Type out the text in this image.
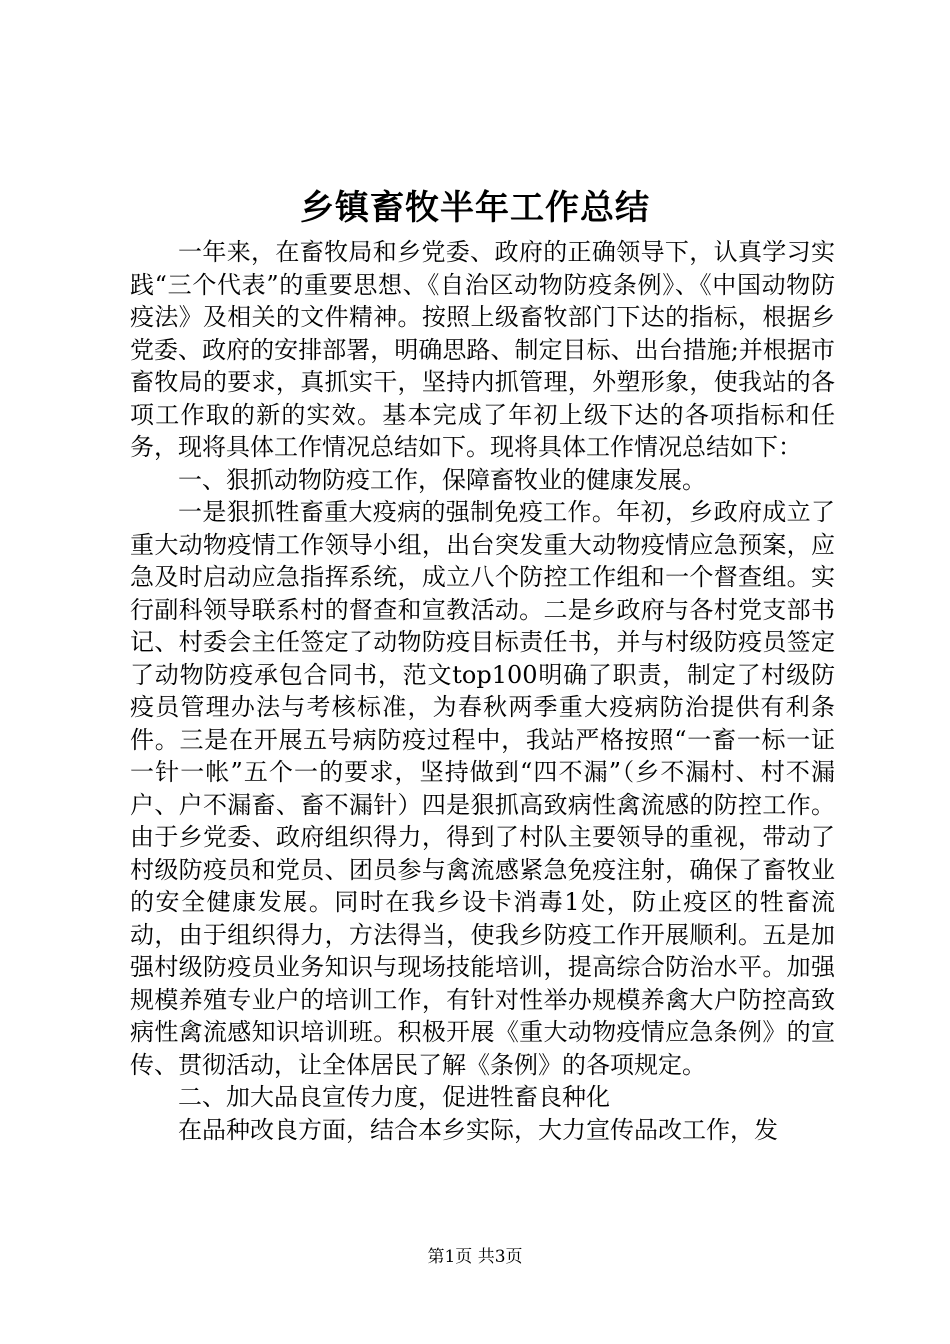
乡镇畜牧半年工作总结

一年来，在畜牧局和乡党委、政府的正确领导下，认真学习实践“三个代表”的重要思想、《自治区动物防疫条例》、《中国动物防疫法》及相关的文件精神。按照上级畜牧部门下达的指标，根据乡党委、政府的安排部署，明确思路、制定目标、出台措施;并根据市畜牧局的要求，真抓实干，坚持内抓管理，外塑形象，使我站的各项工作取的新的实效。基本完成了年初上级下达的各项指标和任务，现将具体工作情况总结如下。现将具体工作情况总结如下：

一、狠抓动物防疫工作，保障畜牧业的健康发展。

一是狠抓牲畜重大疫病的强制免疫工作。年初，乡政府成立了重大动物疫情工作领导小组，出台突发重大动物疫情应急预案，应急及时启动应急指挥系统，成立八个防控工作组和一个督查组。实行副科领导联系村的督查和宣教活动。二是乡政府与各村党支部书记、村委会主任签定了动物防疫目标责任书，并与村级防疫员签定了动物防疫承包合同书，范文top100明确了职责，制定了村级防疫员管理办法与考核标准，为春秋两季重大疫病防治提供有利条件。三是在开展五号病防疫过程中，我站严格按照“一畜一标一证一针一帐”五个一的要求，坚持做到“四不漏”（乡不漏村、村不漏户、户不漏畜、畜不漏针）四是狠抓高致病性禽流感的防控工作。由于乡党委、政府组织得力，得到了村队主要领导的重视，带动了村级防疫员和党员、团员参与禽流感紧急免疫注射，确保了畜牧业的安全健康发展。同时在我乡设卡消毒1处，防止疫区的牲畜流动，由于组织得力，方法得当，使我乡防疫工作开展顺利。五是加强村级防疫员业务知识与现场技能培训，提高综合防治水平。加强规模养殖专业户的培训工作，有针对性举办规模养禽大户防控高致病性禽流感知识培训班。积极开展《重大动物疫情应急条例》的宣传、贯彻活动，让全体居民了解《条例》的各项规定。

二、加大品良宣传力度，促进牲畜良种化

在品种改良方面，结合本乡实际，大力宣传品改工作，发

第1页 共3页
